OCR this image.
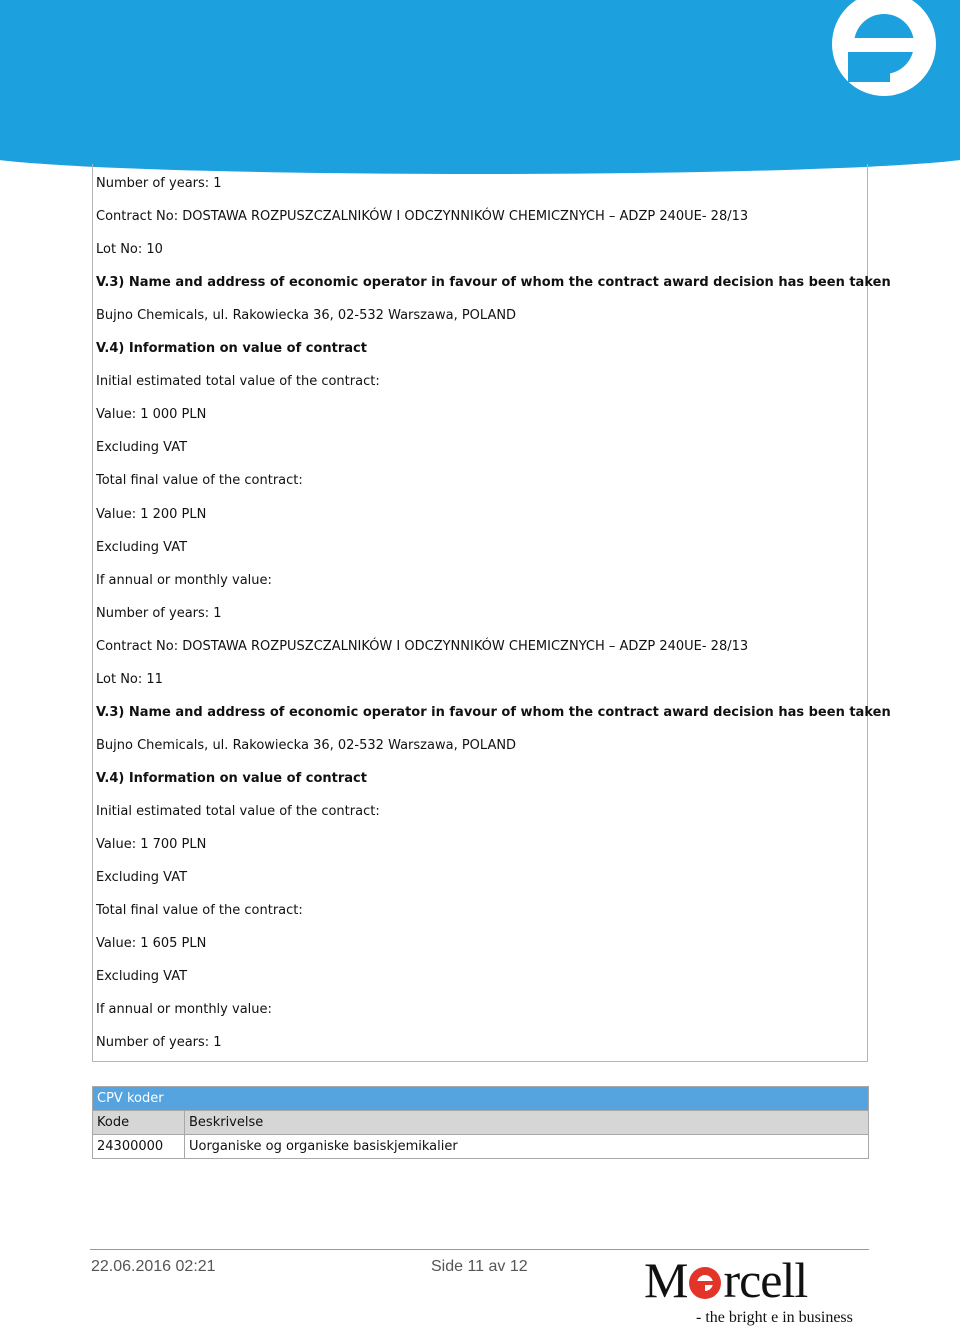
Number of years: 1
Contract No: DOSTAWA ROZPUSZCZALNIKÓW I ODCZYNNIKÓW CHEMICZNYCH – ADZP 240UE- 28/13
Lot No: 10
V.3) Name and address of economic operator in favour of whom the contract award decision has been taken
Bujno Chemicals, ul. Rakowiecka 36, 02-532 Warszawa, POLAND
V.4) Information on value of contract
Initial estimated total value of the contract:
Value: 1 000 PLN
Excluding VAT
Total final value of the contract:
Value: 1 200 PLN
Excluding VAT
If annual or monthly value:
Number of years: 1
Contract No: DOSTAWA ROZPUSZCZALNIKÓW I ODCZYNNIKÓW CHEMICZNYCH – ADZP 240UE- 28/13
Lot No: 11
V.3) Name and address of economic operator in favour of whom the contract award decision has been taken
Bujno Chemicals, ul. Rakowiecka 36, 02-532 Warszawa, POLAND
V.4) Information on value of contract
Initial estimated total value of the contract:
Value: 1 700 PLN
Excluding VAT
Total final value of the contract:
Value: 1 605 PLN
Excluding VAT
If annual or monthly value:
Number of years: 1
CPV koder	
Kode	Beskrivelse
24300000	Uorganiske og organiske basiskjemikalier
22.06.2016 02:21	Side 11 av 12 M rcell
- the bright e in business
